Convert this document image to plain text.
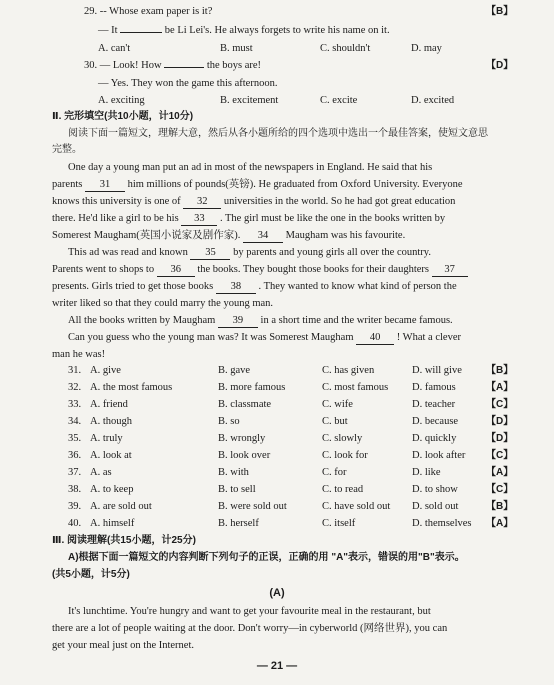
29. -- Whose exam paper is it?	【B】
— It	be Li Lei's. He always forgets to write his name on it.
A. can't	B. must	C. shouldn't	D. may
30. — Look! How	the boys are!	【D】
— Yes. They won the game this afternoon.
A. exciting	B. excitement	C. excite	D. excited
Ⅱ. 完形填空(共10小题，计10分)
阅读下面一篇短文，理解大意，然后从各小题所给的四个选项中选出一个最佳答案，使短文意思
完整。
One day a young man put an ad in most of the newspapers in England. He said that his
parents 31 him millions of pounds(英镑). He graduated from Oxford University. Everyone
knows this university is one of 32 universities in the world. So he had got great education
there. He'd like a girl to be his 33 . The girl must be like the one in the books written by
Somerest Maugham(英国小说家及剧作家). 34 Maugham was his favourite.
This ad was read and known 35 by parents and young girls all over the country.
Parents went to shops to 36 the books. They bought those books for their daughters 37
presents. Girls tried to get those books 38 . They wanted to know what kind of person the
writer liked so that they could marry the young man.
All the books written by Maugham 39 in a short time and the writer became famous.
Can you guess who the young man was? It was Somerest Maugham 40 ! What a clever
man he was!
31. A. give	B. gave	C. has given	D. will give 【B】
32. A. the most famous	B. more famous	C. most famous D. famous	【A】
33. A. friend	B. classmate	C. wife	D. teacher	【C】
34. A. though	B. so	C. but	D. because	【D】
35. A. truly	B. wrongly	C. slowly	D. quickly	【D】
36. A. look at	B. look over	C. look for	D. look after 【C】
37. A. as	B. with	C. for	D. like	【A】
38. A. to keep	B. to sell	C. to read	D. to show	【C】
39. A. are sold out	B. were sold out	C. have sold out D. sold out	【B】
40. A. himself	B. herself	C. itself	D. themselves 【A】
Ⅲ. 阅读理解(共15小题，计25分)
A)根据下面一篇短文的内容判断下列句子的正误，正确的用 "A"表示，错误的用"B"表示。
(共5小题，计5分)
(A)
It's lunchtime. You're hungry and want to get your favourite meal in the restaurant, but
there are a lot of people waiting at the door. Don't worry—in cyberworld (网络世界), you can
get your meal just on the Internet.
— 21 —
